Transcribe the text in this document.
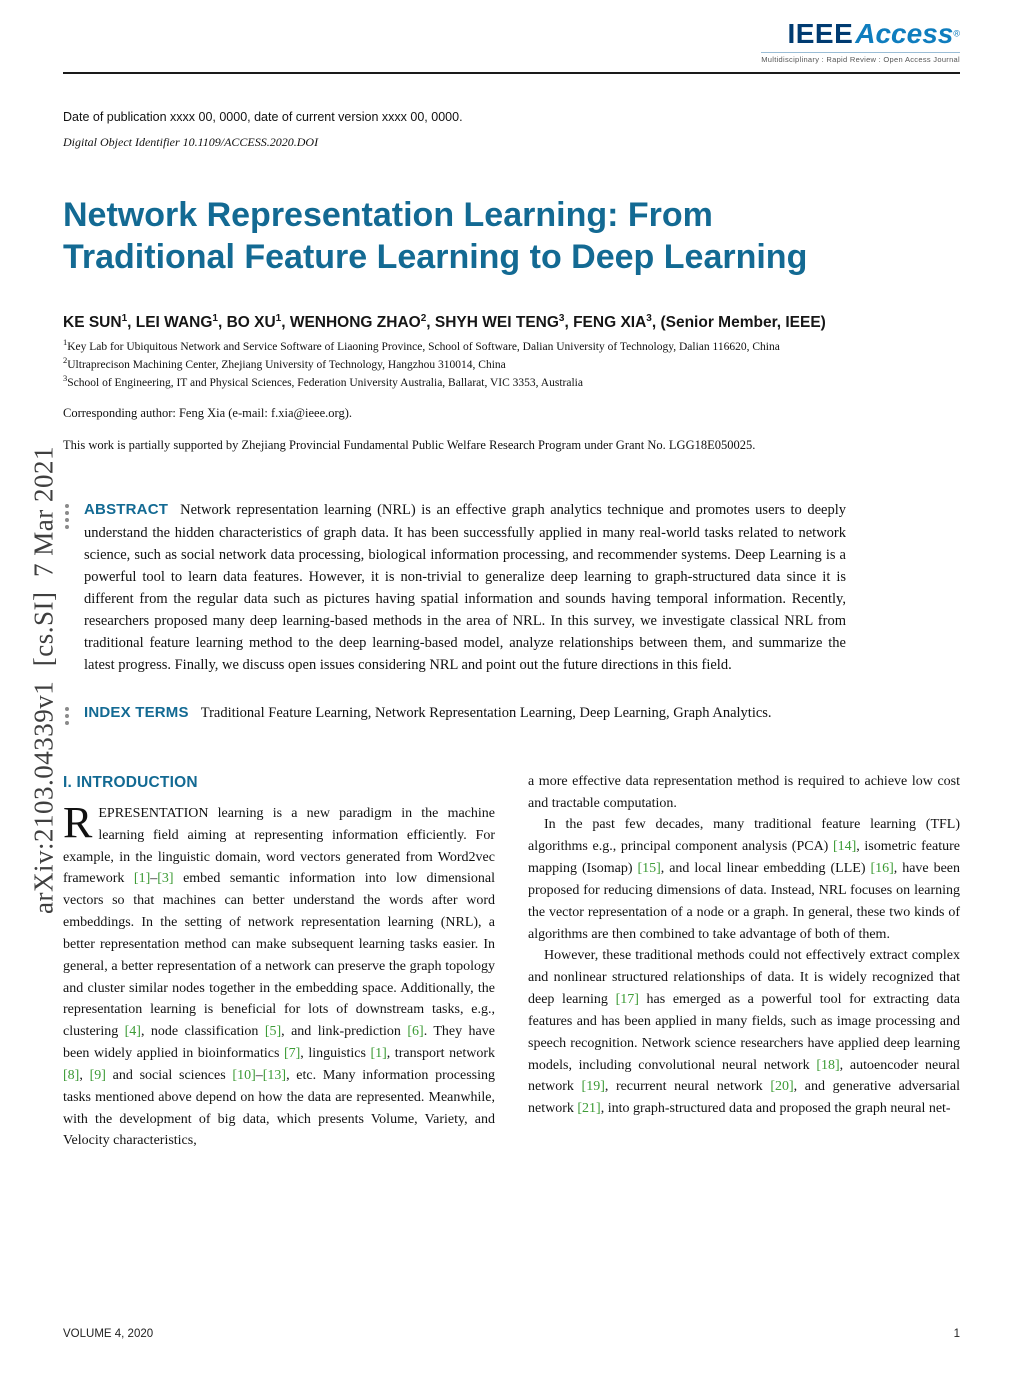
arXiv:2103.04339v1  [cs.SI]  7 Mar 2021
IEEEAccess®
Multidisciplinary : Rapid Review : Open Access Journal
Date of publication xxxx 00, 0000, date of current version xxxx 00, 0000.
Digital Object Identifier 10.1109/ACCESS.2020.DOI
Network Representation Learning: From Traditional Feature Learning to Deep Learning
KE SUN$^1$, LEI WANG$^1$, BO $XU^1$, WENHONG ZHAO$^2$, SHYH WEI TENG$^3$, FENG XIA$^3$, (Senior Member, IEEE)
$^1$Key Lab for Ubiquitous Network and Service Software of Liaoning Province, School of Software, Dalian University of Technology, Dalian 116620, China
$^2$Ultraprecison Machining Center, Zhejiang University of Technology, Hangzhou 310014, China
$^3$School of Engineering, IT and Physical Sciences, Federation University Australia, Ballarat, VIC 3353, Australia
Corresponding author: Feng Xia (e-mail: f.xia@ieee.org).
This work is partially supported by Zhejiang Provincial Fundamental Public Welfare Research Program under Grant No. LGG18E050025.
ABSTRACT Network representation learning (NRL) is an effective graph analytics technique and promotes users to deeply understand the hidden characteristics of graph data. It has been successfully applied in many real-world tasks related to network science, such as social network data processing, biological information processing, and recommender systems. Deep Learning is a powerful tool to learn data features. However, it is non-trivial to generalize deep learning to graph-structured data since it is different from the regular data such as pictures having spatial information and sounds having temporal information. Recently, researchers proposed many deep learning-based methods in the area of NRL. In this survey, we investigate classical NRL from traditional feature learning method to the deep learning-based model, analyze relationships between them, and summarize the latest progress. Finally, we discuss open issues considering NRL and point out the future directions in this field.
INDEX TERMS Traditional Feature Learning, Network Representation Learning, Deep Learning, Graph Analytics.
I. INTRODUCTION

REPRESENTATION learning is a new paradigm in the machine learning field aiming at representing information efficiently. For example, in the linguistic domain, word vectors generated from Word2vec framework [1]–[3] embed semantic information into low dimensional vectors so that machines can better understand the words after word embeddings. In the setting of network representation learning (NRL), a better representation method can make subsequent learning tasks easier. In general, a better representation of a network can preserve the graph topology and cluster similar nodes together in the embedding space. Additionally, the representation learning is beneficial for lots of downstream tasks, e.g., clustering [4], node classification [5], and link-prediction [6]. They have been widely applied in bioinformatics [7], linguistics [1], transport network [8], [9] and social sciences [10]–[13], etc. Many information processing tasks mentioned above depend on how the data are represented. Meanwhile, with the development of big data, which presents Volume, Variety, and Velocity characteristics,

a more effective data representation method is required to achieve low cost and tractable computation.

In the past few decades, many traditional feature learning (TFL) algorithms e.g., principal component analysis (PCA) [14], isometric feature mapping (Isomap) [15], and local linear embedding (LLE) [16], have been proposed for reducing dimensions of data. Instead, NRL focuses on learning the vector representation of a node or a graph. In general, these two kinds of algorithms are then combined to take advantage of both of them.

However, these traditional methods could not effectively extract complex and nonlinear structured relationships of data. It is widely recognized that deep learning [17] has emerged as a powerful tool for extracting data features and has been applied in many fields, such as image processing and speech recognition. Network science researchers have applied deep learning models, including convolutional neural network [18], autoencoder neural network [19], recurrent neural network [20], and generative adversarial network [21], into graph-structured data and proposed the graph neural net-

VOLUME 4, 2020	1
